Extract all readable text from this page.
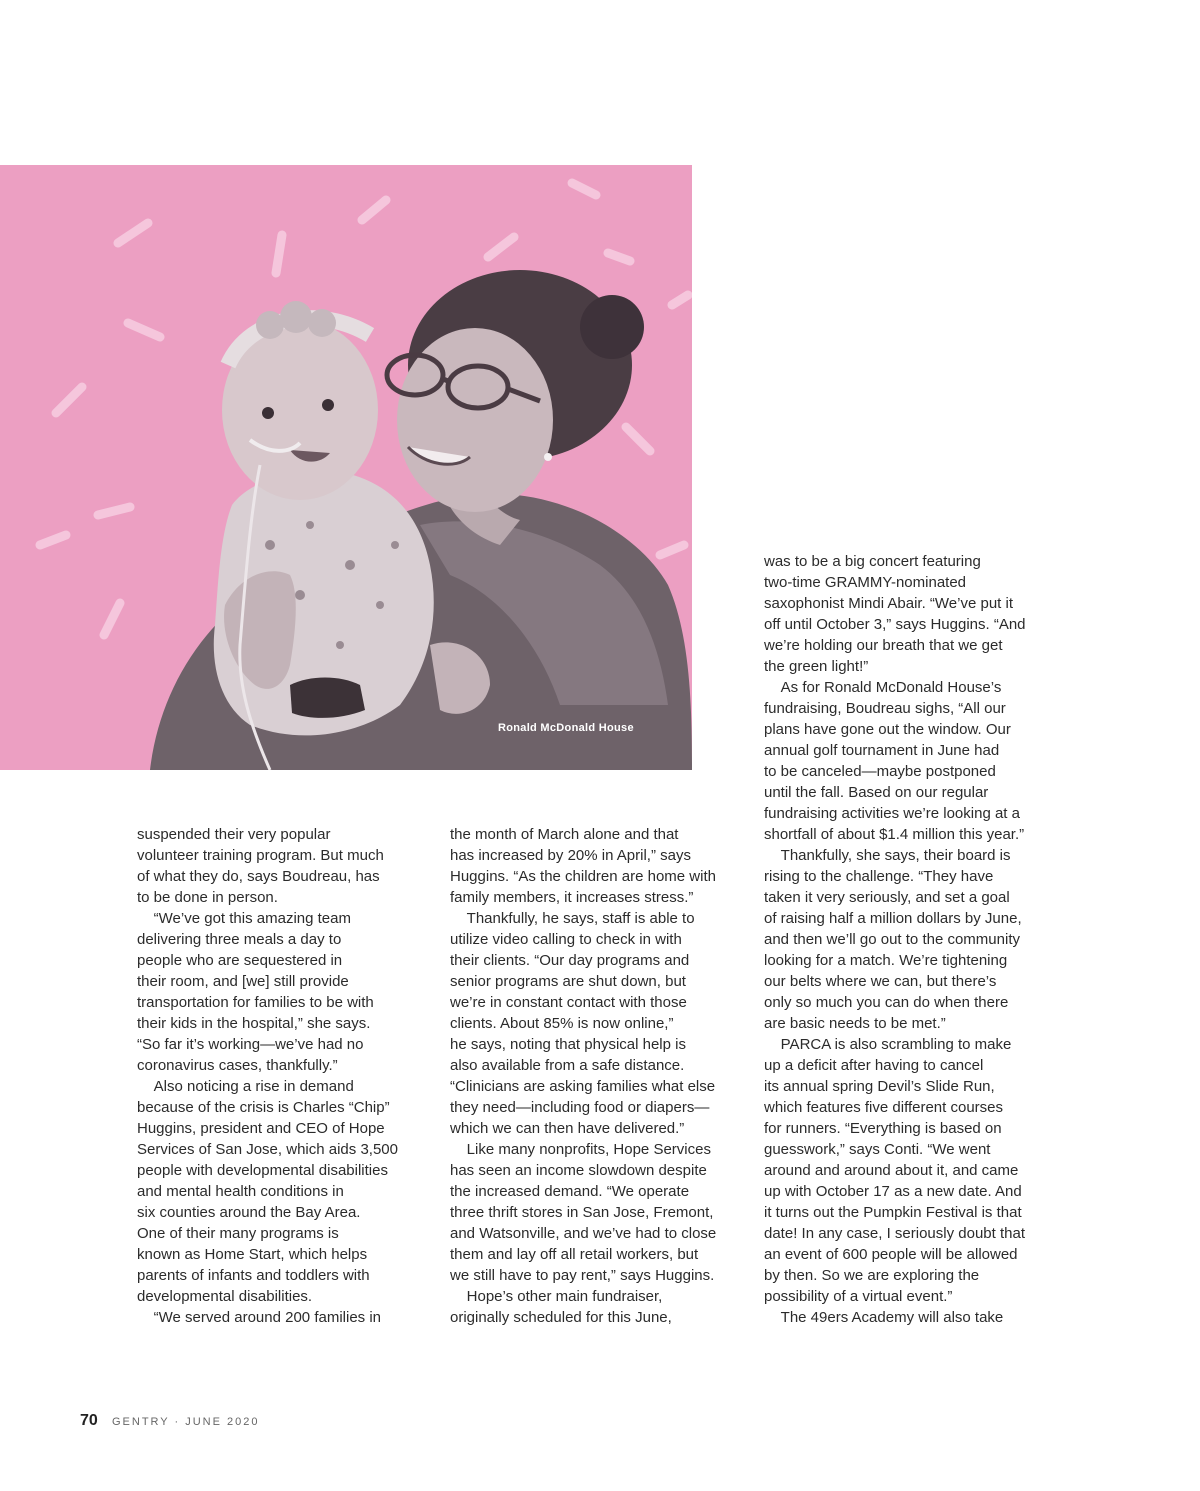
Ronald McDonald House
suspended their very popular
volunteer training program. But much
of what they do, says Boudreau, has
to be done in person.
“We’ve got this amazing team
delivering three meals a day to
people who are sequestered in
their room, and [we] still provide
transportation for families to be with
their kids in the hospital,” she says.
“So far it’s working—we’ve had no
coronavirus cases, thankfully.”
Also noticing a rise in demand
because of the crisis is Charles “Chip”
Huggins, president and CEO of Hope
Services of San Jose, which aids 3,500
people with developmental disabilities
and mental health conditions in
six counties around the Bay Area.
One of their many programs is
known as Home Start, which helps
parents of infants and toddlers with
developmental disabilities.
“We served around 200 families in
the month of March alone and that
has increased by 20% in April,” says
Huggins. “As the children are home with
family members, it increases stress.”
Thankfully, he says, staff is able to
utilize video calling to check in with
their clients. “Our day programs and
senior programs are shut down, but
we’re in constant contact with those
clients. About 85% is now online,”
he says, noting that physical help is
also available from a safe distance.
“Clinicians are asking families what else
they need—including food or diapers—
which we can then have delivered.”
Like many nonprofits, Hope Services
has seen an income slowdown despite
the increased demand. “We operate
three thrift stores in San Jose, Fremont,
and Watsonville, and we’ve had to close
them and lay off all retail workers, but
we still have to pay rent,” says Huggins.
Hope’s other main fundraiser,
originally scheduled for this June,
was to be a big concert featuring
two-time GRAMMY-nominated
saxophonist Mindi Abair. “We’ve put it
off until October 3,” says Huggins. “And
we’re holding our breath that we get
the green light!”
As for Ronald McDonald House’s
fundraising, Boudreau sighs, “All our
plans have gone out the window. Our
annual golf tournament in June had
to be canceled—maybe postponed
until the fall. Based on our regular
fundraising activities we’re looking at a
shortfall of about $1.4 million this year.”
Thankfully, she says, their board is
rising to the challenge. “They have
taken it very seriously, and set a goal
of raising half a million dollars by June,
and then we’ll go out to the community
looking for a match. We’re tightening
our belts where we can, but there’s
only so much you can do when there
are basic needs to be met.”
PARCA is also scrambling to make
up a deficit after having to cancel
its annual spring Devil’s Slide Run,
which features five different courses
for runners. “Everything is based on
guesswork,” says Conti. “We went
around and around about it, and came
up with October 17 as a new date. And
it turns out the Pumpkin Festival is that
date! In any case, I seriously doubt that
an event of 600 people will be allowed
by then. So we are exploring the
possibility of a virtual event.”
The 49ers Academy will also take
70 GENTRY · JUNE 2020
